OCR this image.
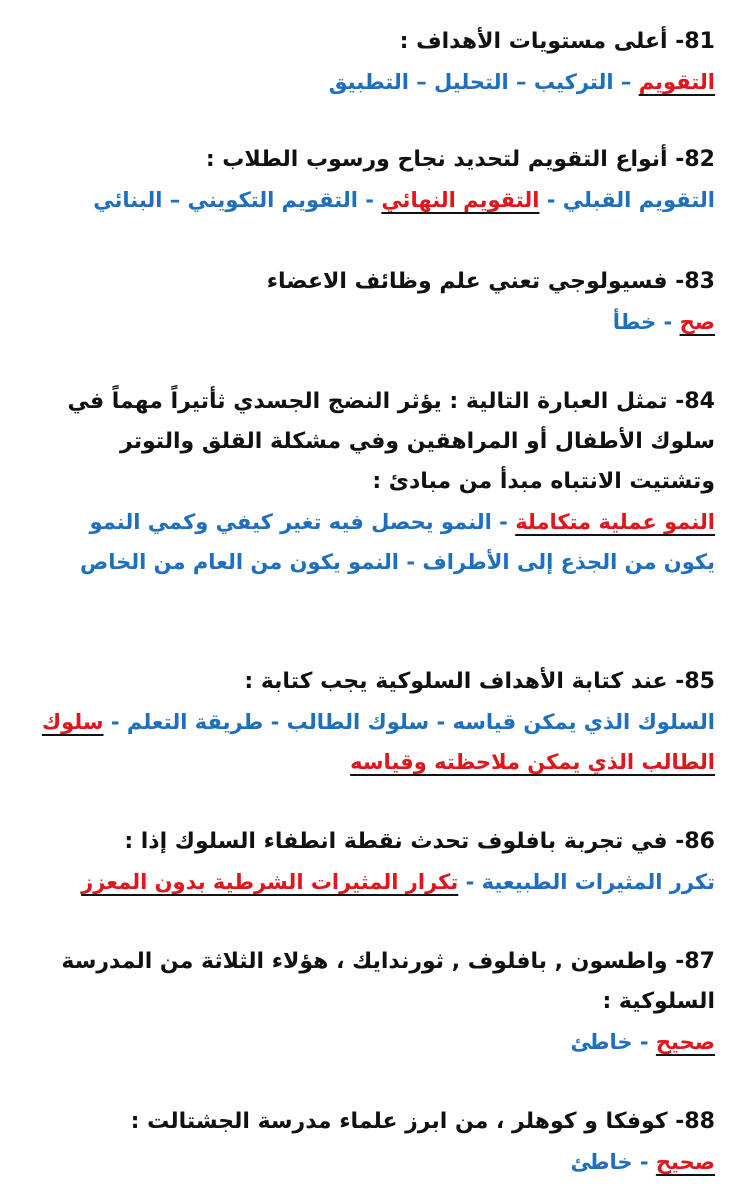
81- أعلى مستويات الأهداف :

التقويم – التركيب – التحليل – التطبيق

82- أنواع التقويم لتحديد نجاح ورسوب الطلاب :

التقويم القبلي - التقويم النهائي - التقويم التكويني – البنائي

83- فسيولوجي تعني علم وظائف الاعضاء

صح - خطأ

84- تمثل العبارة التالية : يؤثر النضج الجسدي ثأتيراً مهماً في سلوك الأطفال أو المراهقين وفي مشكلة القلق والتوتر وتشتيت الانتباه مبدأ من مبادئ :

النمو عملية متكاملة - النمو يحصل فيه تغير كيفي وكمي النمو يكون من الجذع إلى الأطراف - النمو يكون من العام من الخاص

85- عند كتابة الأهداف السلوكية يجب كتابة :

السلوك الذي يمكن قياسه - سلوك الطالب - طريقة التعلم - سلوك الطالب الذي يمكن ملاحظته وقياسه

86- في تجربة بافلوف تحدث نقطة انطفاء السلوك إذا :

تكرر المثيرات الطبيعية - تكرار المثيرات الشرطية بدون المعزز

87- واطسون , بافلوف , ثورندايك ، هؤلاء الثلاثة من المدرسة السلوكية :

صحيح - خاطئ

88- كوفكا و كوهلر ، من ابرز علماء مدرسة الجشتالت :

صحيح - خاطئ
